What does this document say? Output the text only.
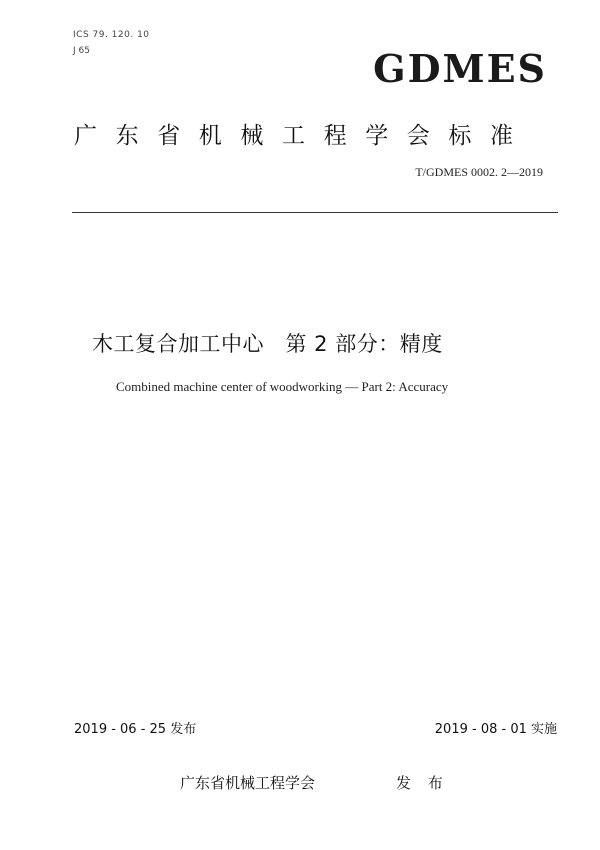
ICS 79. 120. 10
J 65	GDMES
广东省机械工程学会标准
T/GDMES 0002. 2—2019
木工复合加工中心　第 2 部分：精度
Combined machine center of woodworking — Part 2: Accuracy
2019 - 06 - 25 发布	2019 - 08 - 01 实施
广东省机械工程学会	发 布
